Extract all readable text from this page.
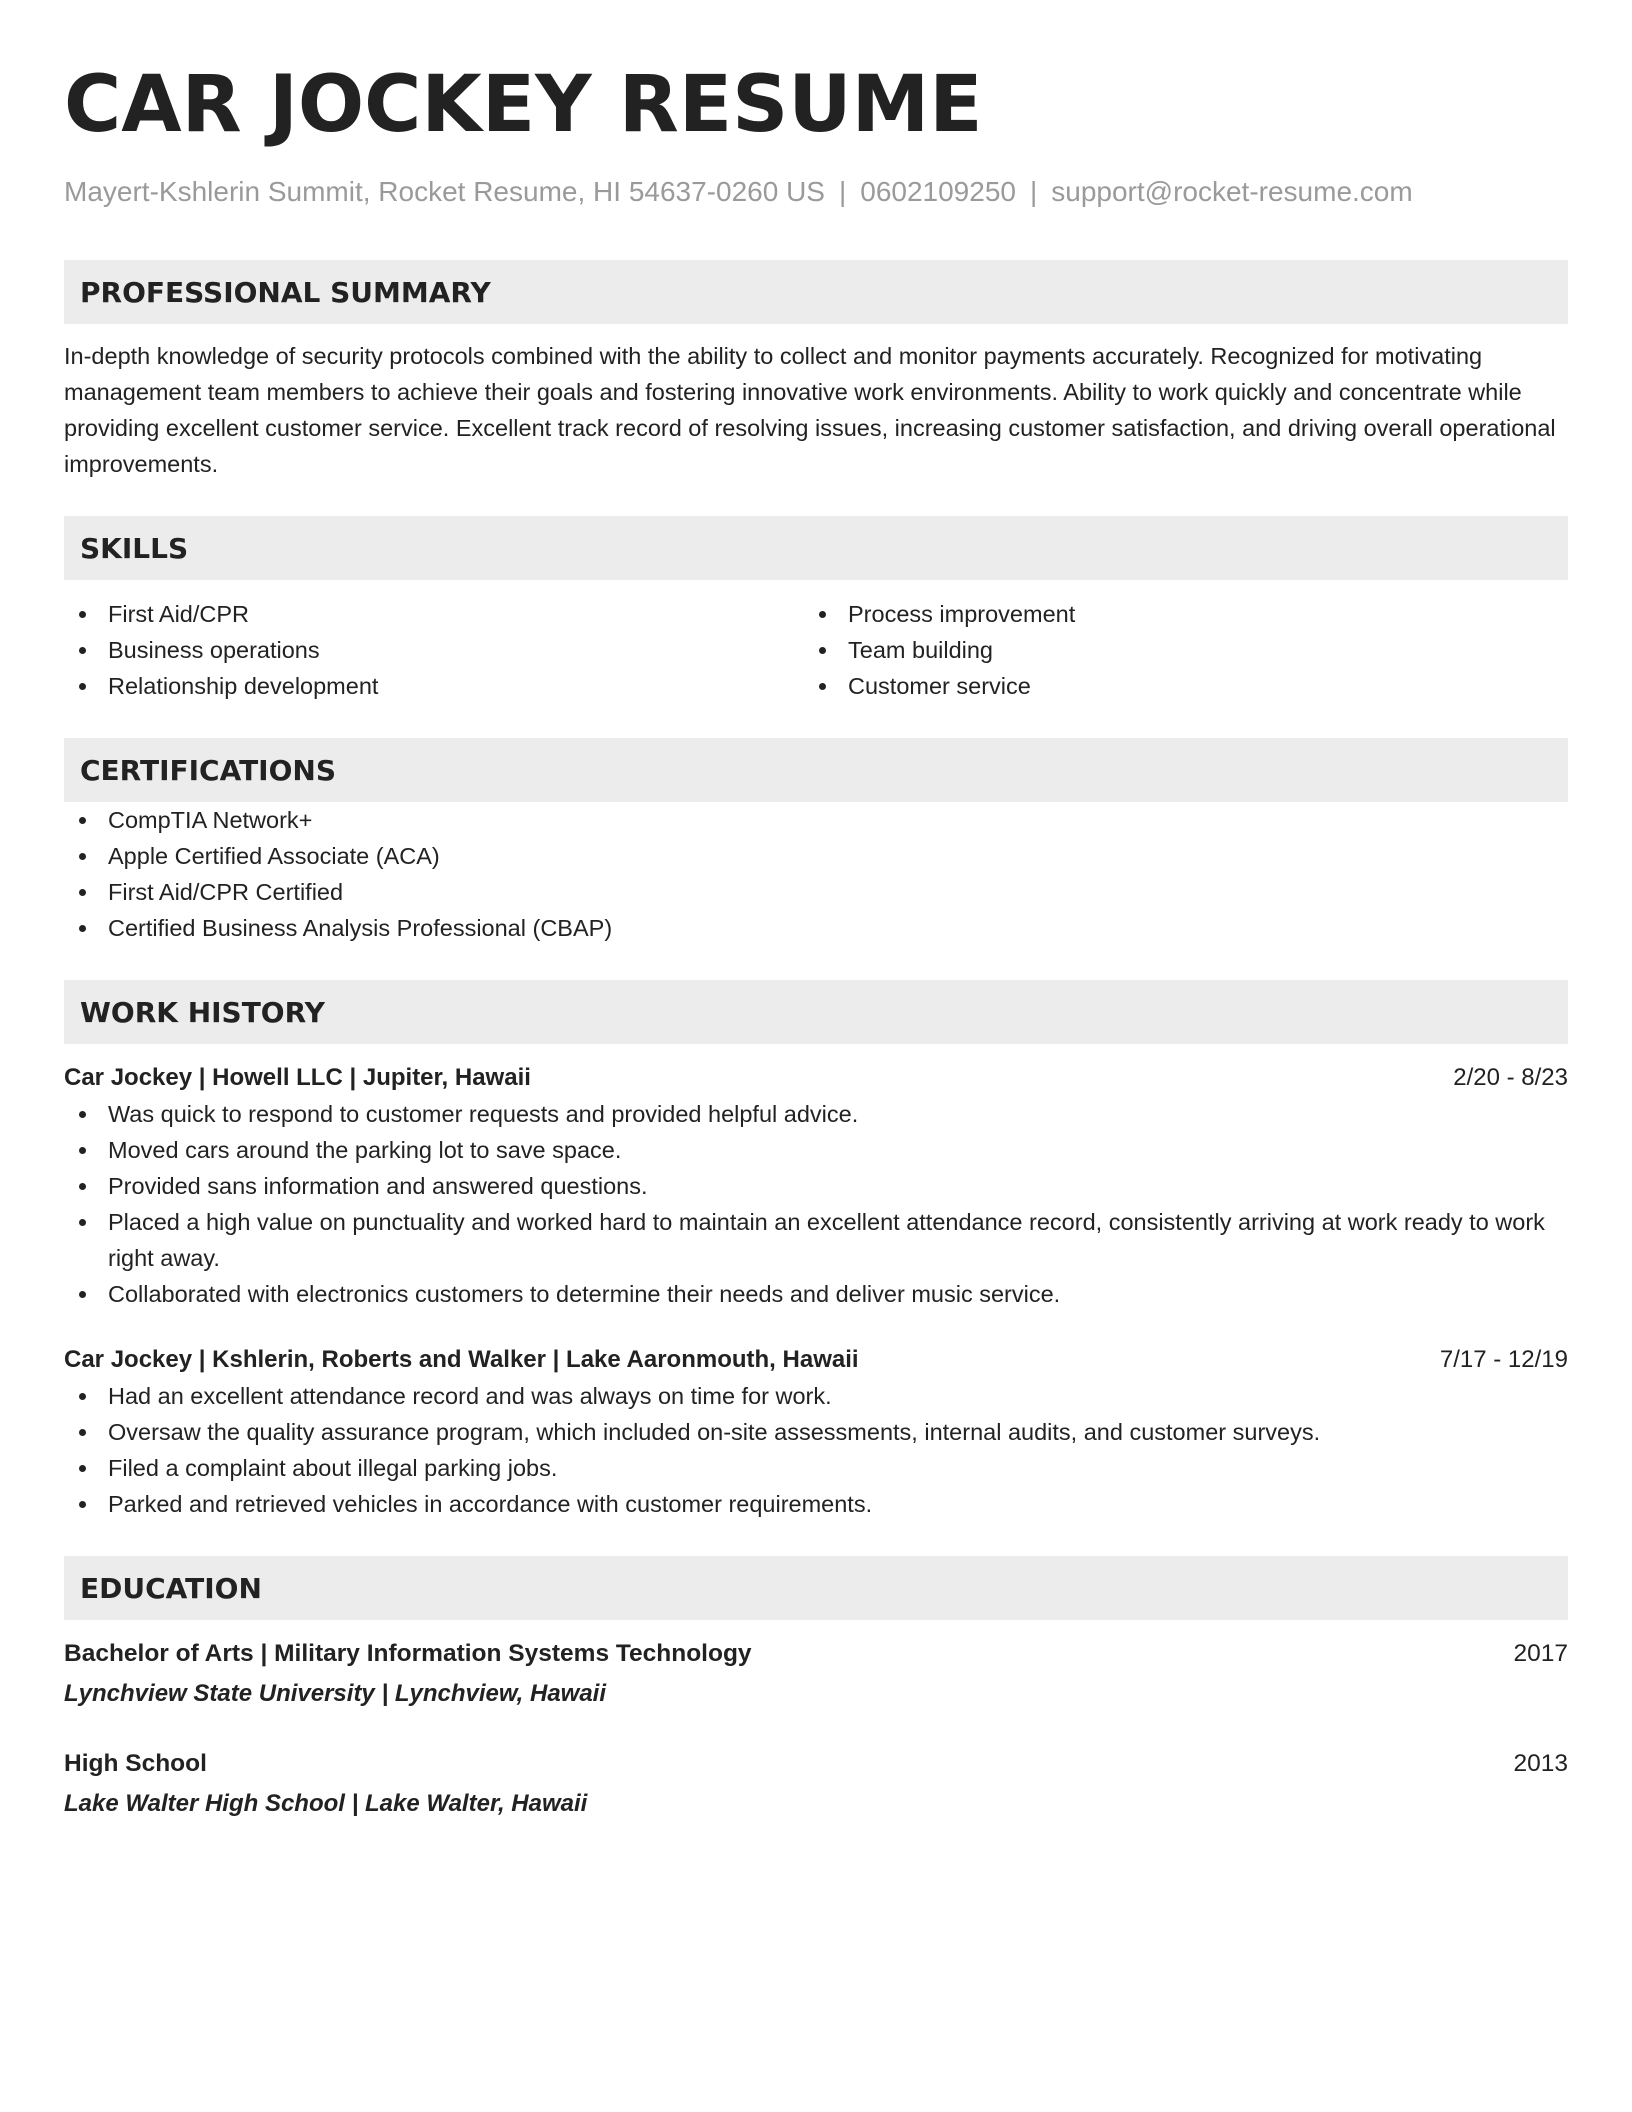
CAR JOCKEY RESUME
Mayert-Kshlerin Summit, Rocket Resume, HI 54637-0260 US | 0602109250 | support@rocket-resume.com
PROFESSIONAL SUMMARY
In-depth knowledge of security protocols combined with the ability to collect and monitor payments accurately. Recognized for motivating management team members to achieve their goals and fostering innovative work environments. Ability to work quickly and concentrate while providing excellent customer service. Excellent track record of resolving issues, increasing customer satisfaction, and driving overall operational improvements.
SKILLS
First Aid/CPR
Business operations
Relationship development
Process improvement
Team building
Customer service
CERTIFICATIONS
CompTIA Network+
Apple Certified Associate (ACA)
First Aid/CPR Certified
Certified Business Analysis Professional (CBAP)
WORK HISTORY
Car Jockey | Howell LLC | Jupiter, Hawaii	2/20 - 8/23
Was quick to respond to customer requests and provided helpful advice.
Moved cars around the parking lot to save space.
Provided sans information and answered questions.
Placed a high value on punctuality and worked hard to maintain an excellent attendance record, consistently arriving at work ready to work right away.
Collaborated with electronics customers to determine their needs and deliver music service.
Car Jockey | Kshlerin, Roberts and Walker | Lake Aaronmouth, Hawaii	7/17 - 12/19
Had an excellent attendance record and was always on time for work.
Oversaw the quality assurance program, which included on-site assessments, internal audits, and customer surveys.
Filed a complaint about illegal parking jobs.
Parked and retrieved vehicles in accordance with customer requirements.
EDUCATION
Bachelor of Arts | Military Information Systems Technology	2017
Lynchview State University | Lynchview, Hawaii
High School	2013
Lake Walter High School | Lake Walter, Hawaii
